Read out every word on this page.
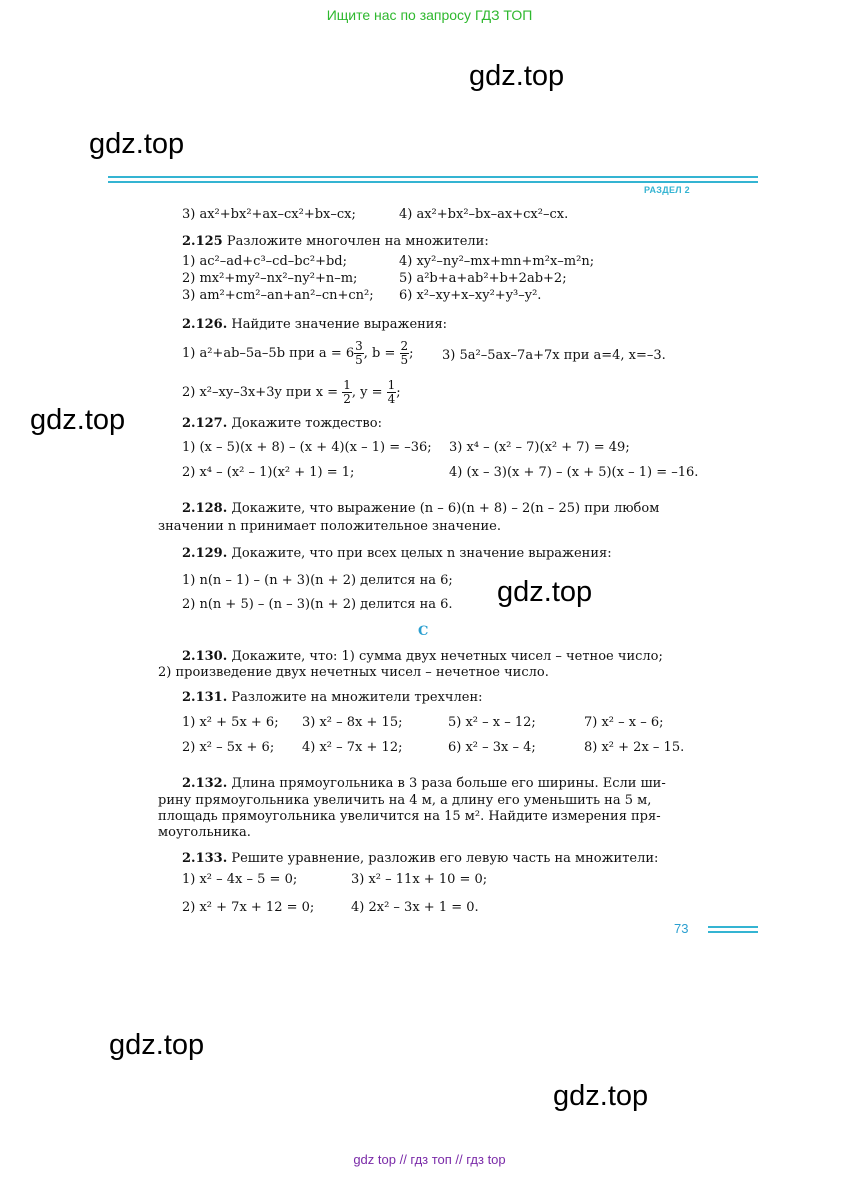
Ищите нас по запросу ГДЗ ТОП
gdz.top
gdz.top
gdz.top
gdz.top
gdz.top
gdz.top
РАЗДЕЛ 2
3) ax²+bx²+ax–cx²+bx–cx;	4) ax²+bx²–bx–ax+cx²–cx.
2.125 Разложите многочлен на множители:
1) ac²–ad+c³–cd–bc²+bd;	4) xy²–ny²–mx+mn+m²x–m²n;
2) mx²+my²–nx²–ny²+n–m;	5) a²b+a+ab²+b+2ab+2;
3) am²+cm²–an+an²–cn+cn²; 6) x²–xy+x–xy²+y³–y².
2.126. Найдите значение выражения:
1) a²+ab–5a–5b при $a = 6 \frac{3}{5}$ , $b = \frac{2}{5}$ ; 3) 5a²–5ax–7a+7x при a=4, x=–3.
2) x²–xy–3x+3y при $x = \frac{1}{2}$ , $y = \frac{1}{4}$ ;
2.127. Докажите тождество:
1) (x – 5)(x + 8) – (x + 4)(x – 1) = –36; 3) x⁴ – (x² – 7)(x² + 7) = 49;
2) x⁴ – (x² – 1)(x² + 1) = 1;	4) (x – 3)(x + 7) – (x + 5)(x – 1) = –16.
2.128. Докажите, что выражение (n – 6)(n + 8) – 2(n – 25) при любом
значении n принимает положительное значение.
2.129. Докажите, что при всех целых n значение выражения:
1) n(n – 1) – (n + 3)(n + 2) делится на 6;
2) n(n + 5) – (n – 3)(n + 2) делится на 6.
C
2.130. Докажите, что: 1) сумма двух нечетных чисел – четное число;
2) произведение двух нечетных чисел – нечетное число.
2.131. Разложите на множители трехчлен:
1) x² + 5x + 6; 3) x² – 8x + 15;	5) x² – x – 12;	7) x² – x – 6;
2) x² – 5x + 6; 4) x² – 7x + 12;	6) x² – 3x – 4;	8) x² + 2x – 15.
2.132. Длина прямоугольника в 3 раза больше его ширины. Если ши-
рину прямоугольника увеличить на 4 м, а длину его уменьшить на 5 м,
площадь прямоугольника увеличится на 15 м². Найдите измерения пря-
моугольника.
2.133. Решите уравнение, разложив его левую часть на множители:
1) x² – 4x – 5 = 0;	3) x² – 11x + 10 = 0;
2) x² + 7x + 12 = 0;	4) 2x² – 3x + 1 = 0.
73
gdz top // гдз топ // гдз top
